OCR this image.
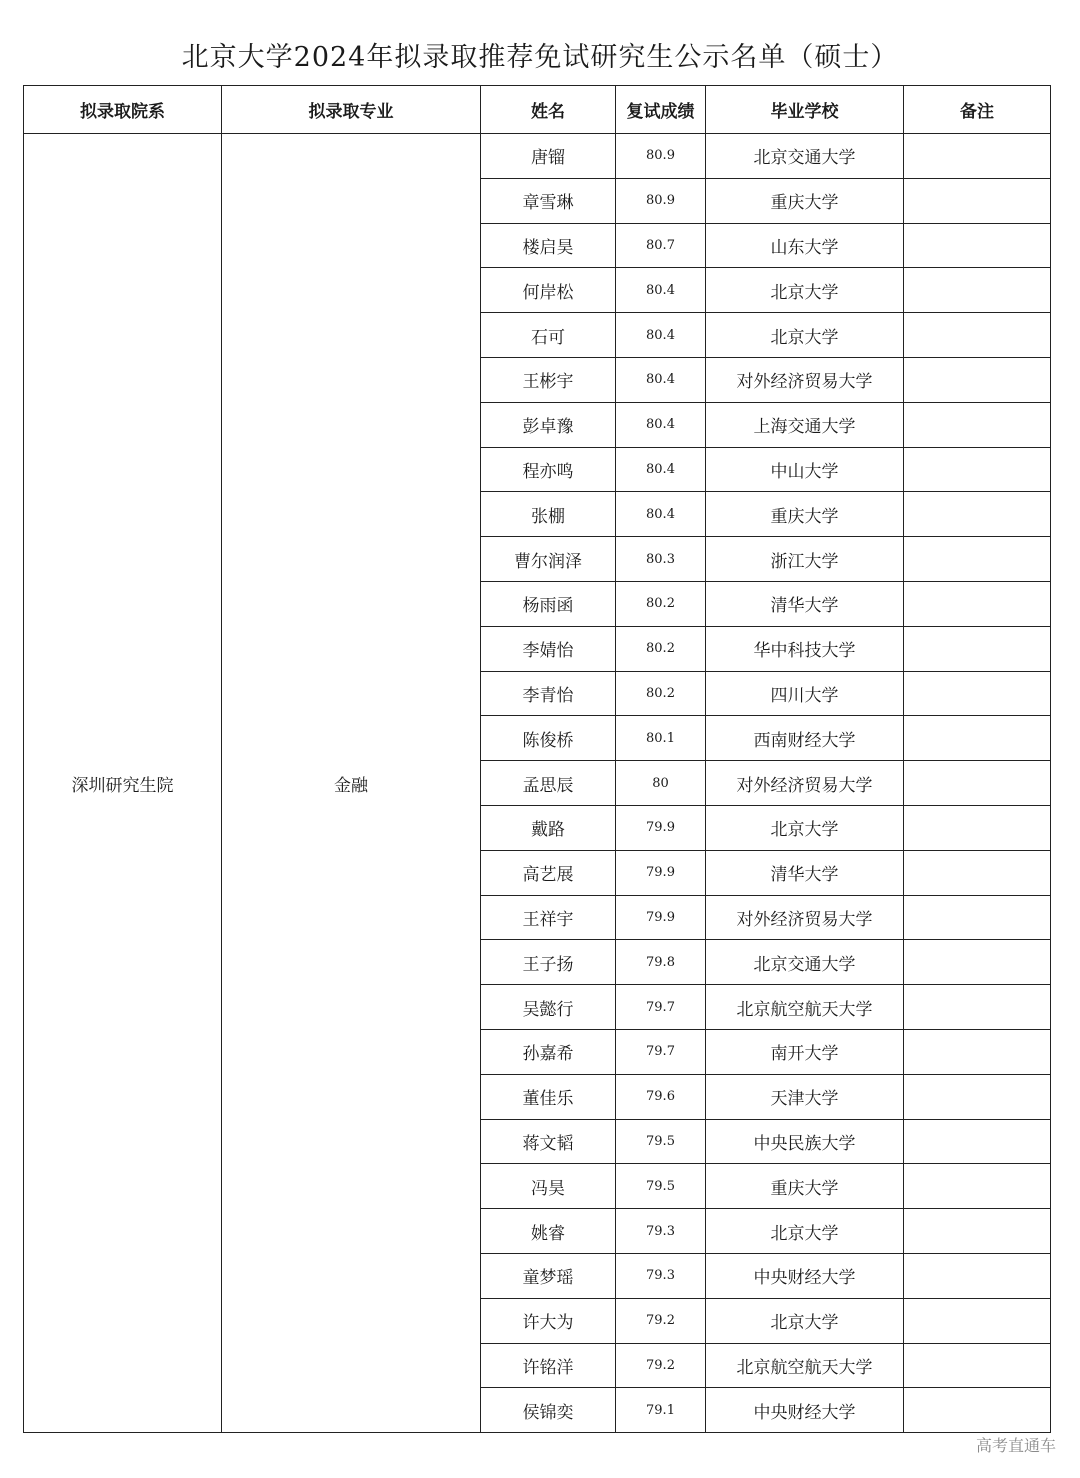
北京大学2024年拟录取推荐免试研究生公示名单（硕士）
拟录取院系	拟录取专业	姓名	复试成绩	毕业学校	备注
深圳研究生院	金融	唐镏	80.9	北京交通大学	
		章雪琳	80.9	重庆大学	
		楼启昊	80.7	山东大学	
		何岸松	80.4	北京大学	
		石可	80.4	北京大学	
		王彬宇	80.4	对外经济贸易大学	
		彭卓豫	80.4	上海交通大学	
		程亦鸣	80.4	中山大学	
		张棚	80.4	重庆大学	
		曹尔润泽	80.3	浙江大学	
		杨雨函	80.2	清华大学	
		李婧怡	80.2	华中科技大学	
		李青怡	80.2	四川大学	
		陈俊桥	80.1	西南财经大学	
		孟思辰	80	对外经济贸易大学	
		戴路	79.9	北京大学	
		高艺展	79.9	清华大学	
		王祥宇	79.9	对外经济贸易大学	
		王子扬	79.8	北京交通大学	
		吴懿行	79.7	北京航空航天大学	
		孙嘉希	79.7	南开大学	
		董佳乐	79.6	天津大学	
		蒋文韬	79.5	中央民族大学	
		冯昊	79.5	重庆大学	
		姚睿	79.3	北京大学	
		童梦瑶	79.3	中央财经大学	
		许大为	79.2	北京大学	
		许铭洋	79.2	北京航空航天大学	
		侯锦奕	79.1	中央财经大学	
高考直通车
